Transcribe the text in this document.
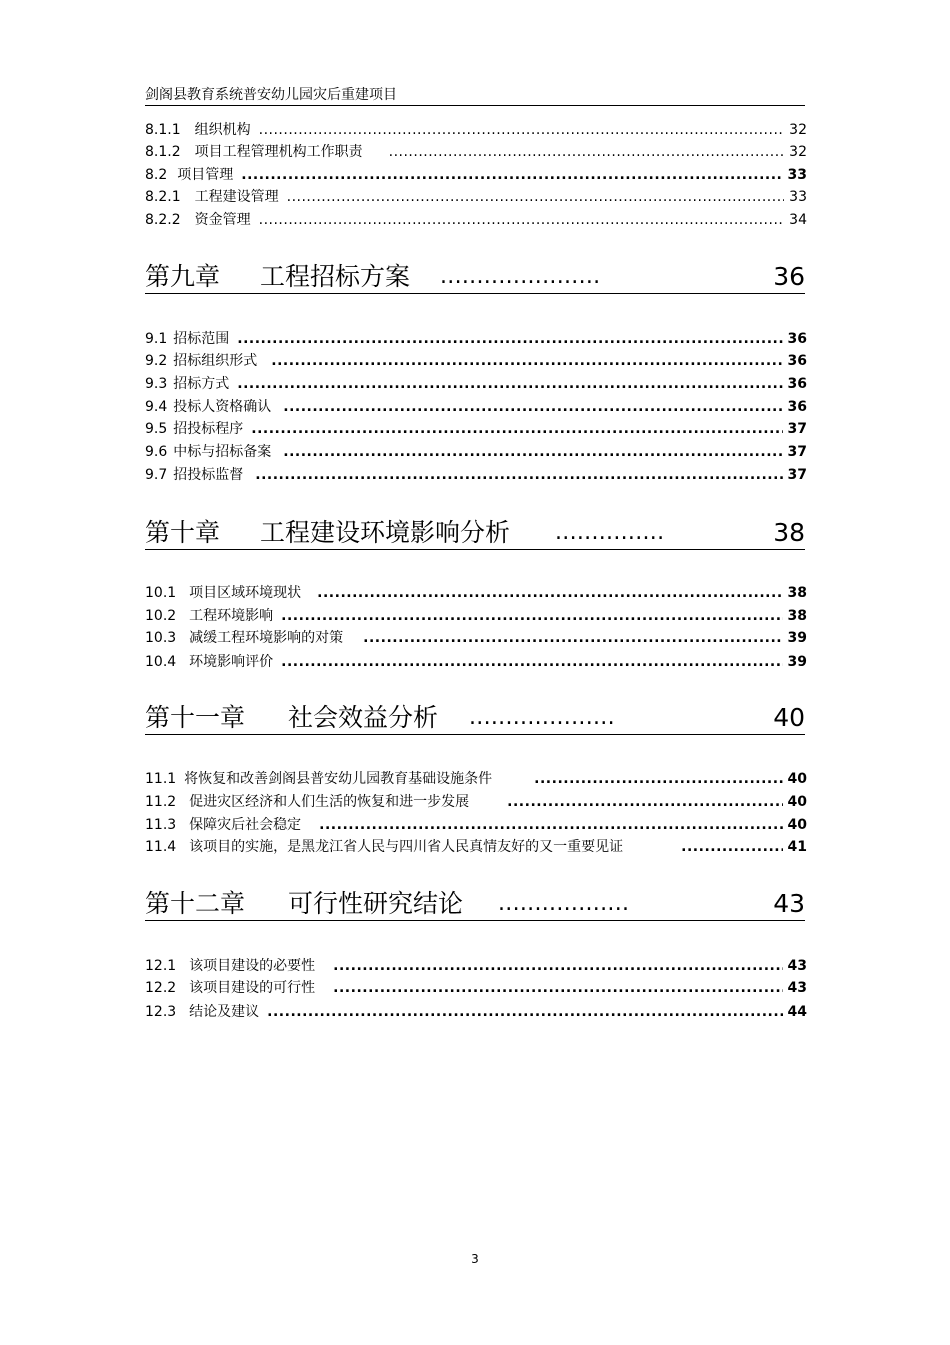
剑阁县教育系统普安幼儿园灾后重建项目
8.1.1 组织机构 .....	32
8.1.2 项目工程管理机构工作职责 .....	32
8.2 项目管理 .....	33
8.2.1 工程建设管理 .....	33
8.2.2 资金管理 .....	34
第九章 工程招标方案 ......................	36
9.1 招标范围 .....	36
9.2 招标组织形式 .....	36
9.3 招标方式 .....	36
9.4 投标人资格确认 .....	36
9.5 招投标程序 .....	37
9.6 中标与招标备案 .....	37
9.7 招投标监督 .....	37
第十章 工程建设环境影响分析 ...............	38
10.1 项目区域环境现状 .....	38
10.2 工程环境影响 .....	38
10.3 减缓工程环境影响的对策 .....	39
10.4 环境影响评价 .....	39
第十一章 社会效益分析 ....................	40
11.1 将恢复和改善剑阁县普安幼儿园教育基础设施条件 .....	40
11.2 促进灾区经济和人们生活的恢复和进一步发展 .....	40
11.3 保障灾后社会稳定 .....	40
11.4 该项目的实施，是黑龙江省人民与四川省人民真情友好的又一重要见证 .....	41
第十二章 可行性研究结论 ..................	43
12.1 该项目建设的必要性 .....	43
12.2 该项目建设的可行性 .....	43
12.3 结论及建议 .....	44
3
